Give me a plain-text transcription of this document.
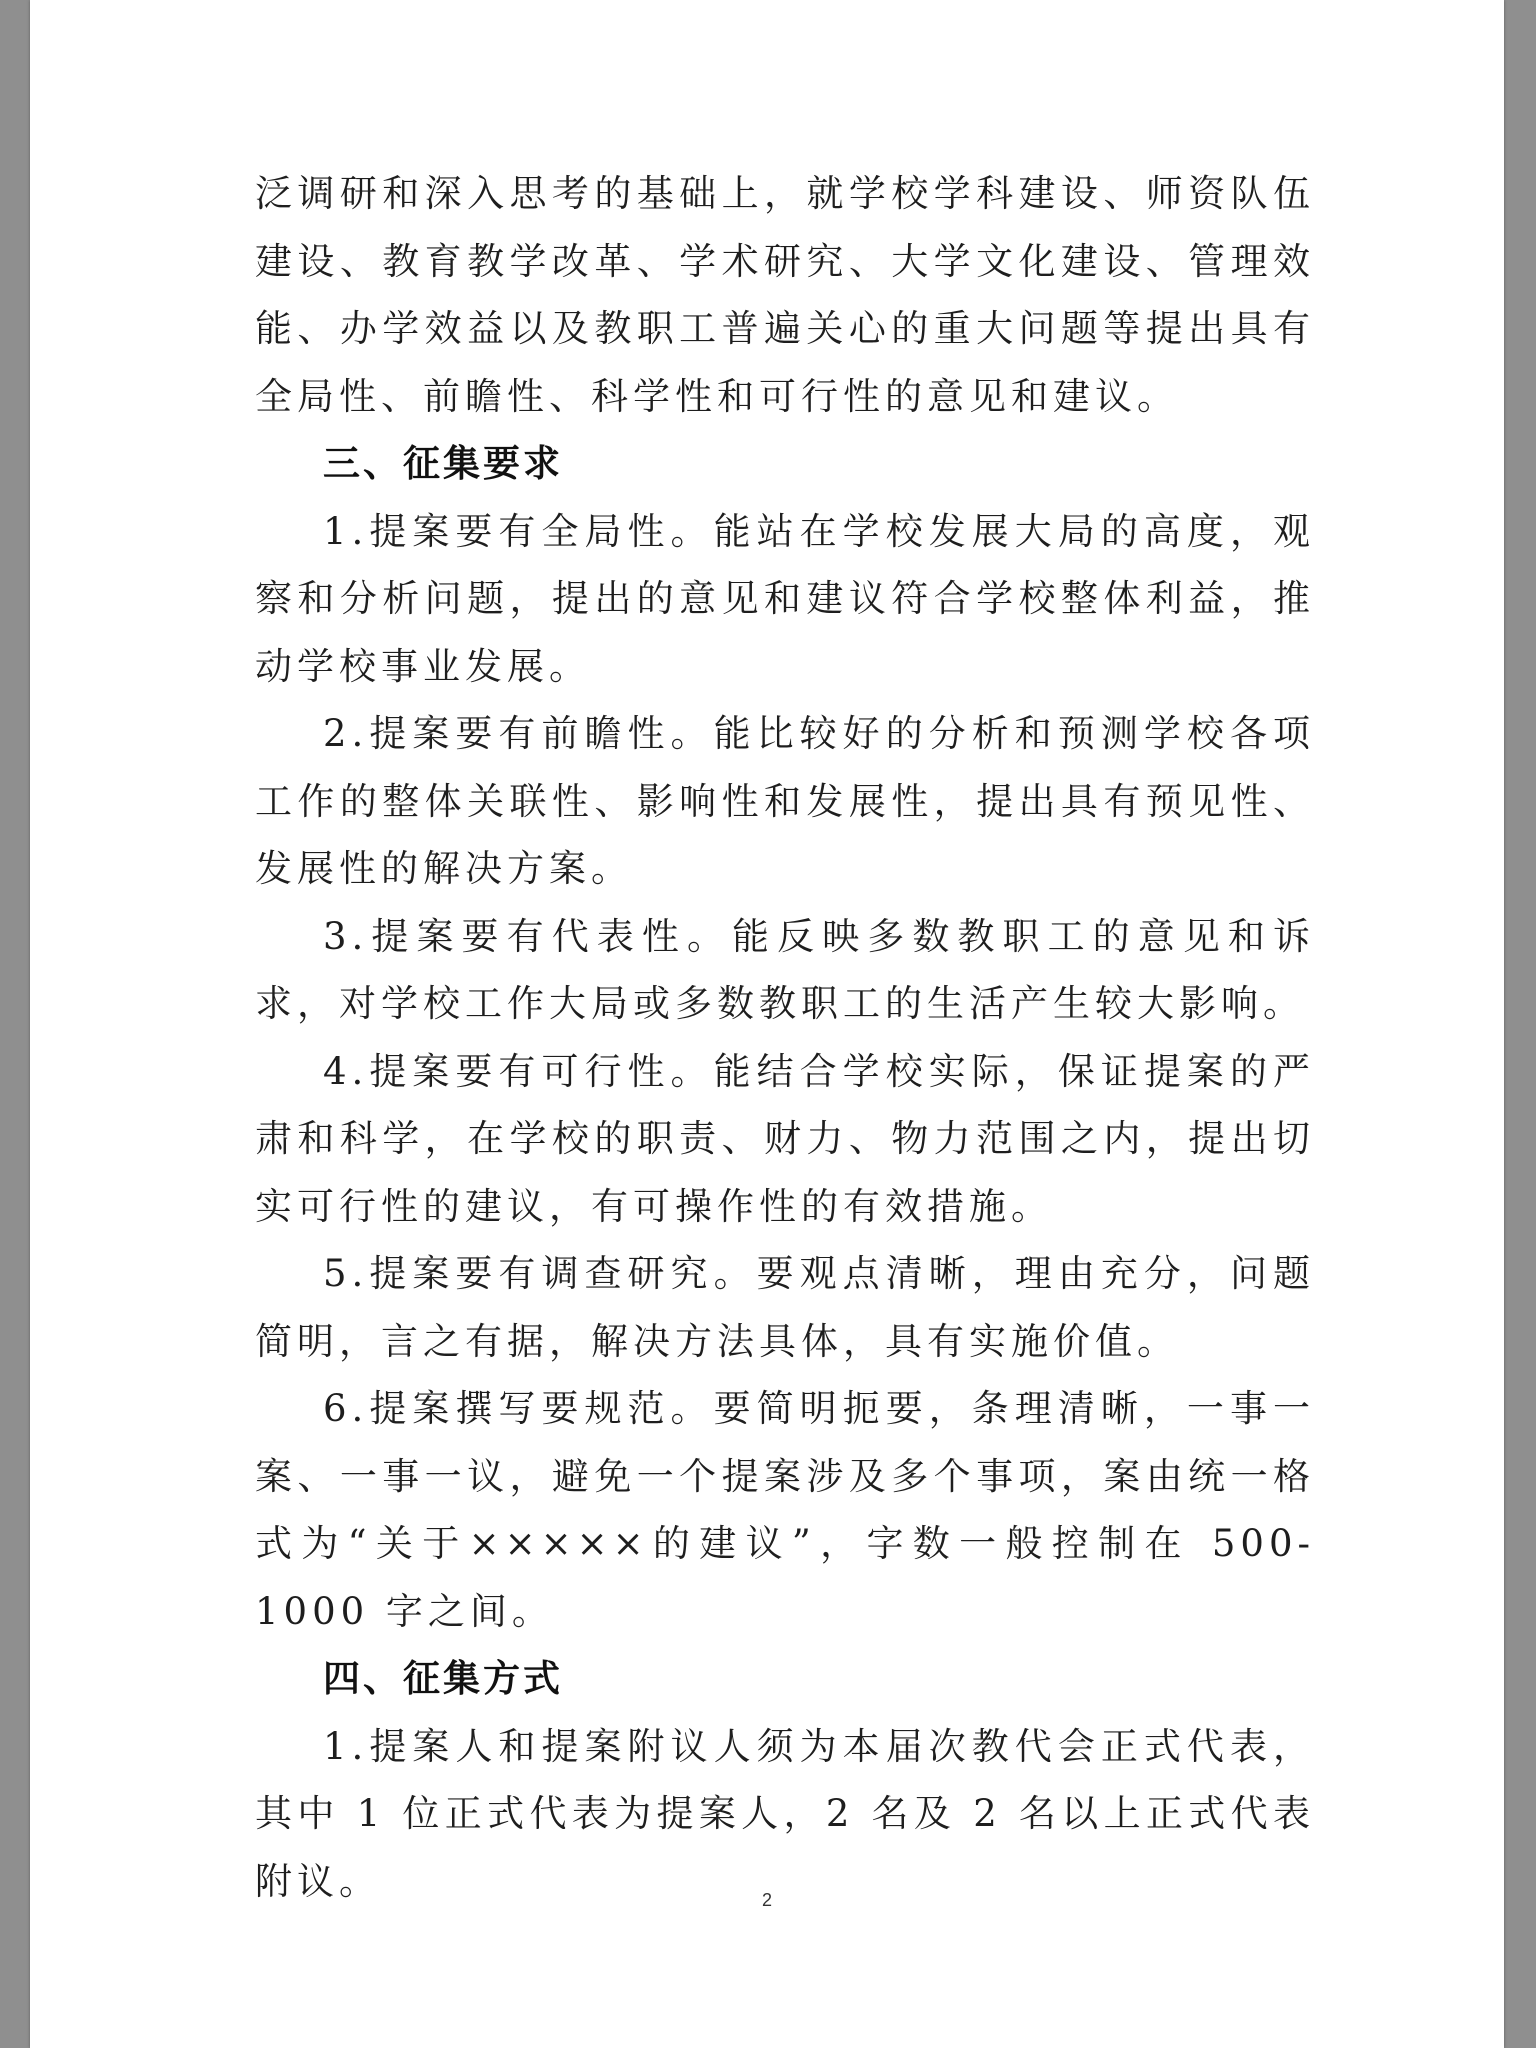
泛调研和深入思考的基础上，就学校学科建设、师资队伍建设、教育教学改革、学术研究、大学文化建设、管理效能、办学效益以及教职工普遍关心的重大问题等提出具有全局性、前瞻性、科学性和可行性的意见和建议。

三、征集要求

1.提案要有全局性。能站在学校发展大局的高度，观察和分析问题，提出的意见和建议符合学校整体利益，推动学校事业发展。

2.提案要有前瞻性。能比较好的分析和预测学校各项工作的整体关联性、影响性和发展性，提出具有预见性、发展性的解决方案。

3.提案要有代表性。能反映多数教职工的意见和诉求，对学校工作大局或多数教职工的生活产生较大影响。

4.提案要有可行性。能结合学校实际，保证提案的严肃和科学，在学校的职责、财力、物力范围之内，提出切实可行性的建议，有可操作性的有效措施。

5.提案要有调查研究。要观点清晰，理由充分，问题简明，言之有据，解决方法具体，具有实施价值。

6.提案撰写要规范。要简明扼要，条理清晰，一事一案、一事一议，避免一个提案涉及多个事项，案由统一格式为“关于×××××的建议”，字数一般控制在 500-1000 字之间。

四、征集方式

1.提案人和提案附议人须为本届次教代会正式代表，其中 1 位正式代表为提案人，2 名及 2 名以上正式代表附议。	2
